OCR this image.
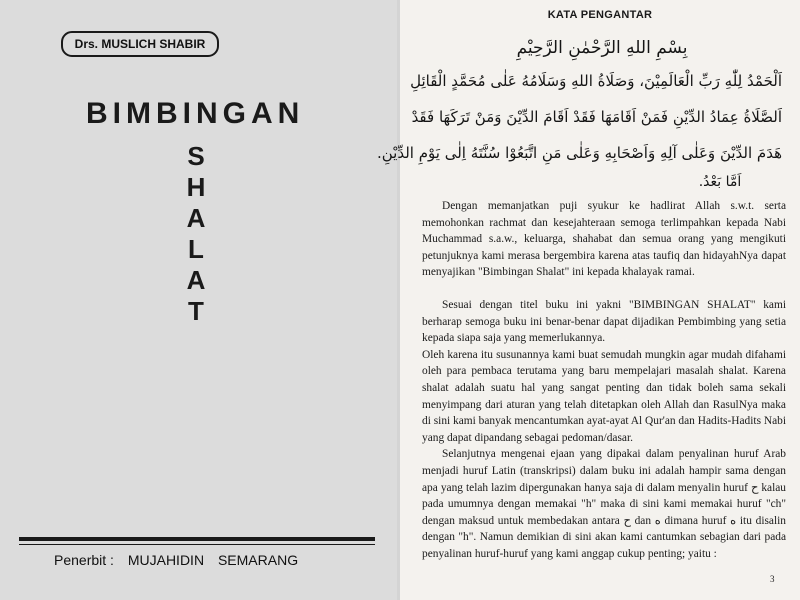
Drs. MUSLICH SHABIR
BIMBINGAN
S
H
A
L
A
T
Penerbit : MUJAHIDIN SEMARANG
KATA PENGANTAR
بِسْمِ اللهِ الرَّحْمٰنِ الرَّحِيْمِ
اَلْحَمْدُ لِلّٰهِ رَبِّ الْعَالَمِيْنَ، وَصَلَاةُ اللهِ وَسَلَامُهُ عَلٰى مُحَمَّدٍ الْقَائِلِ
اَلصَّلَاةُ عِمَادُ الدِّيْنِ فَمَنْ اَقَامَهَا فَقَدْ اَقَامَ الدِّيْنَ وَمَنْ تَرَكَهَا فَقَدْ
هَدَمَ الدِّيْنَ وَعَلٰى آلِهِ وَاَصْحَابِهِ وَعَلٰى مَنِ اتَّبَعُوْا سُنَّتَهُ اِلٰى يَوْمِ الدِّيْنِ.
اَمَّا بَعْدُ.

Dengan memanjatkan puji syukur ke hadlirat Allah s.w.t. serta memohonkan rachmat dan kesejahteraan semoga terlimpahkan kepada Nabi Muchammad s.a.w., keluarga, shahabat dan semua orang yang mengikuti petunjuknya kami merasa bergembira karena atas taufiq dan hidayahNya dapat menyajikan "Bimbingan Shalat" ini kepada khalayak ramai.

Sesuai dengan titel buku ini yakni "BIMBINGAN SHALAT" kami berharap semoga buku ini benar-benar dapat dijadikan Pembimbing yang setia kepada siapa saja yang memerlukannya.

Oleh karena itu susunannya kami buat semudah mungkin agar mudah difahami oleh para pembaca terutama yang baru mempelajari masalah shalat. Karena shalat adalah suatu hal yang sangat penting dan tidak boleh sama sekali menyimpang dari aturan yang telah ditetapkan oleh Allah dan RasulNya maka di sini kami banyak mencantumkan ayat-ayat Al Qur'an dan Hadits-Hadits Nabi yang dapat dipandang sebagai pedoman/dasar.

Selanjutnya mengenai ejaan yang dipakai dalam penyalinan huruf Arab menjadi huruf Latin (transkripsi) dalam buku ini adalah hampir sama dengan apa yang telah lazim dipergunakan hanya saja di dalam menyalin huruf ح kalau pada umumnya dengan memakai "h" maka di sini kami memakai huruf "ch" dengan maksud untuk membedakan antara ح dan ه dimana huruf ه itu disalin dengan "h". Namun demikian di sini akan kami cantumkan sebagian dari pada penyalinan huruf-huruf yang kami anggap cukup penting; yaitu :

3
